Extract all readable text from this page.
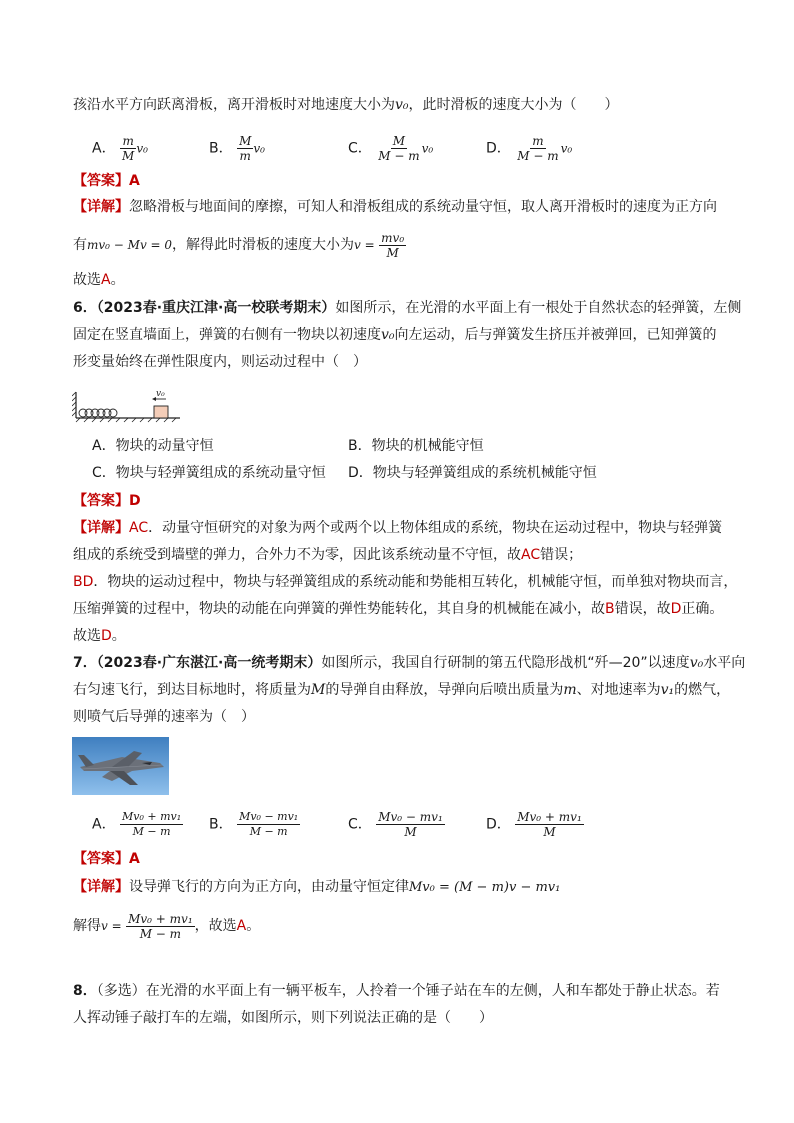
孩沿水平方向跃离滑板，离开滑板时对地速度大小为v₀，此时滑板的速度大小为（　　）
A． $\frac{m}{M} v_0$	B． $\frac{M}{m} v_0$	C． $\frac{M}{M - m} v_0$	D． $\frac{m}{M - m} v_0$
【答案】A
【详解】忽略滑板与地面间的摩擦，可知人和滑板组成的系统动量守恒，取人离开滑板时的速度为正方向
有mv₀ − Mv = 0，解得此时滑板的速度大小为$v = \frac{\text{mv₀}}{M}$
故选A。
6．（2023春·重庆江津·高一校联考期末）如图所示，在光滑的水平面上有一根处于自然状态的轻弹簧，左侧
固定在竖直墙面上，弹簧的右侧有一物块以初速度v₀向左运动，后与弹簧发生挤压并被弹回，已知弹簧的
形变量始终在弹性限度内，则运动过程中（　）
v₀
A．物块的动量守恒	B．物块的机械能守恒
C．物块与轻弹簧组成的系统动量守恒 D．物块与轻弹簧组成的系统机械能守恒
【答案】D
【详解】AC．动量守恒研究的对象为两个或两个以上物体组成的系统，物块在运动过程中，物块与轻弹簧
组成的系统受到墙壁的弹力，合外力不为零，因此该系统动量不守恒，故AC错误；
BD．物块的运动过程中，物块与轻弹簧组成的系统动能和势能相互转化，机械能守恒，而单独对物块而言，
压缩弹簧的过程中，物块的动能在向弹簧的弹性势能转化，其自身的机械能在减小，故B错误，故D正确。
故选D。
7．（2023春·广东湛江·高一统考期末）如图所示，我国自行研制的第五代隐形战机“歼—20”以速度v₀水平向
右匀速飞行，到达目标地时，将质量为M的导弹自由释放，导弹向后喷出质量为m、对地速率为v₁的燃气，
则喷气后导弹的速率为（　）
A． $\frac{\text{Mv₀ + mv₁}}{M - m}$ B． $\frac{\text{Mv₀ − mv₁}}{M - m}$	C． $\frac{\text{Mv₀ − mv₁}}{M}$	D． $\frac{\text{Mv₀ + mv₁}}{M}$
【答案】A
【详解】设导弹飞行的方向为正方向，由动量守恒定律Mv₀ = (M − m)v − mv₁
解得$v = \frac{\text{Mv₀ + mv₁}}{M - m}$ ，故选A。
8．（多选）在光滑的水平面上有一辆平板车，人拎着一个锤子站在车的左侧，人和车都处于静止状态。若
人挥动锤子敲打车的左端，如图所示，则下列说法正确的是（　　）
